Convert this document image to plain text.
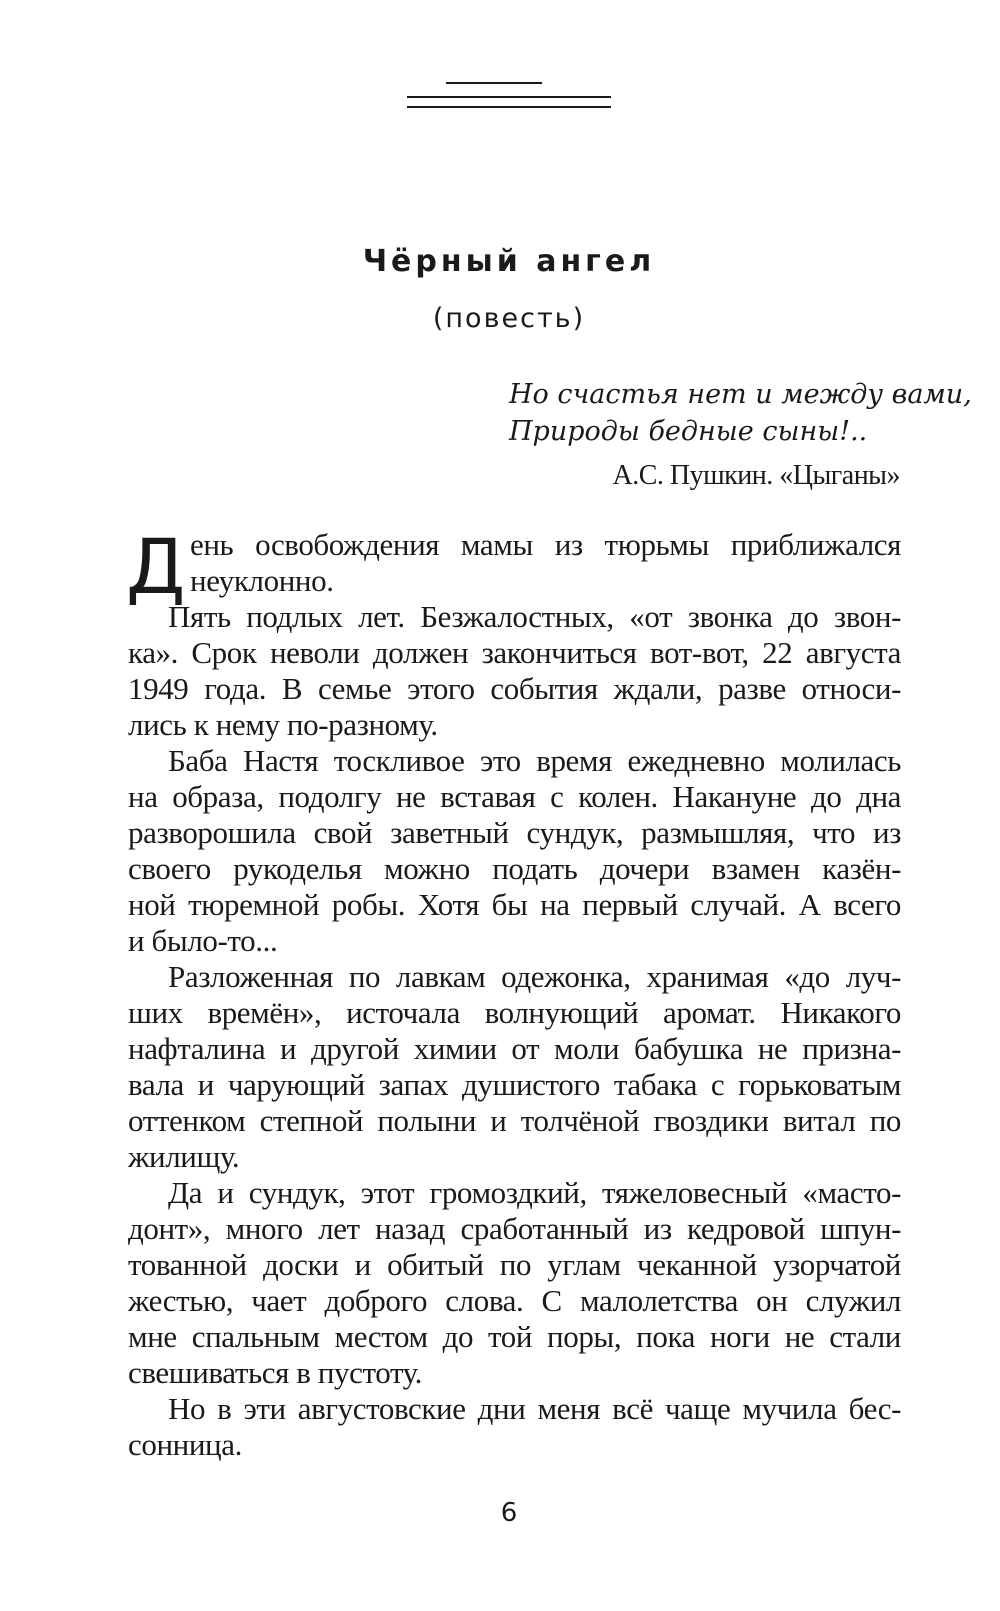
Чёрный ангел
(повесть)
Но счастья нет и между вами,
Природы бедные сыны!..
А.С. Пушкин. «Цыганы»
Д ень освобождения мамы из тюрьмы приближался
неуклонно.
Пять подлых лет. Безжалостных, «от звонка до звон-
ка». Срок неволи должен закончиться вот-вот, 22 августа
1949 года. В семье этого события ждали, разве относи-
лись к нему по-разному.
Баба Настя тоскливое это время ежедневно молилась
на образа, подолгу не вставая с колен. Накануне до дна
разворошила свой заветный сундук, размышляя, что из
своего рукоделья можно подать дочери взамен казён-
ной тюремной робы. Хотя бы на первый случай. А всего
и было-то...
Разложенная по лавкам одежонка, хранимая «до луч-
ших времён», источала волнующий аромат. Никакого
нафталина и другой химии от моли бабушка не призна-
вала и чарующий запах душистого табака с горьковатым
оттенком степной полыни и толчёной гвоздики витал по
жилищу.
Да и сундук, этот громоздкий, тяжеловесный «масто-
донт», много лет назад сработанный из кедровой шпун-
тованной доски и обитый по углам чеканной узорчатой
жестью, чает доброго слова. С малолетства он служил
мне спальным местом до той поры, пока ноги не стали
свешиваться в пустоту.
Но в эти августовские дни меня всё чаще мучила бес-
сонница.
6
